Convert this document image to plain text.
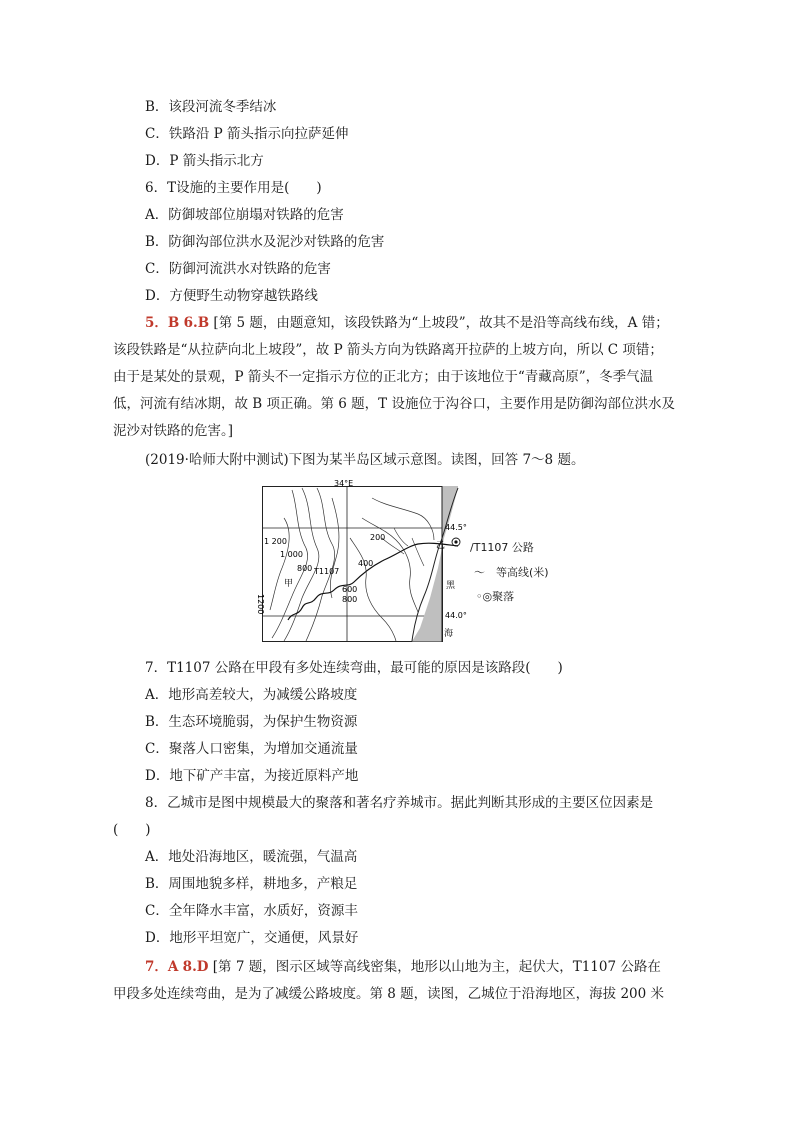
B．该段河流冬季结冰
C．铁路沿 P 箭头指示向拉萨延伸
D．P 箭头指示北方
6．T设施的主要作用是(　　)
A．防御坡部位崩塌对铁路的危害
B．防御沟部位洪水及泥沙对铁路的危害
C．防御河流洪水对铁路的危害
D．方便野生动物穿越铁路线
5．B 6.B [第 5 题，由题意知，该段铁路为“上坡段”，故其不是沿等高线布线，A 错；
该段铁路是“从拉萨向北上坡段”，故 P 箭头方向为铁路离开拉萨的上坡方向，所以 C 项错；
由于是某处的景观，P 箭头不一定指示方位的正北方；由于该地位于“青藏高原”，冬季气温
低，河流有结冰期，故 B 项正确。第 6 题，T 设施位于沟谷口，主要作用是防御沟部位洪水及
泥沙对铁路的危害。]
(2019·哈师大附中测试)下图为某半岛区域示意图。读图，回答 7～8 题。
34°E
44.5°
44.0°
1 200
1 000
800
400
200
600
800
1200
T1107
甲
乙
黑
海
/T1107 公路
〜　等高线(米)
◦◎聚落
7．T1107 公路在甲段有多处连续弯曲，最可能的原因是该路段(　　)
A．地形高差较大，为减缓公路坡度
B．生态环境脆弱，为保护生物资源
C．聚落人口密集，为增加交通流量
D．地下矿产丰富，为接近原料产地
8．乙城市是图中规模最大的聚落和著名疗养城市。据此判断其形成的主要区位因素是
(　　)
A．地处沿海地区，暖流强，气温高
B．周围地貌多样，耕地多，产粮足
C．全年降水丰富，水质好，资源丰
D．地形平坦宽广，交通便，风景好
7．A 8.D [第 7 题，图示区域等高线密集，地形以山地为主，起伏大，T1107 公路在
甲段多处连续弯曲，是为了减缓公路坡度。第 8 题，读图，乙城位于沿海地区，海拔 200 米
